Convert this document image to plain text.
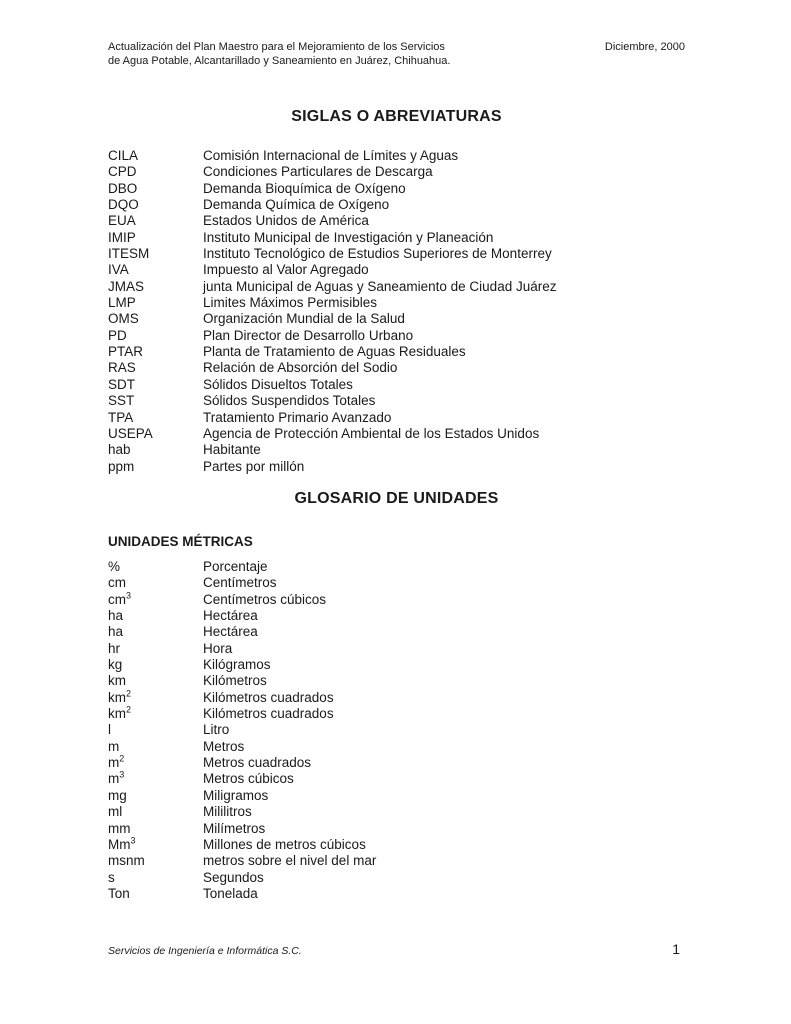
Actualización del Plan Maestro para el Mejoramiento de los Servicios
de Agua Potable, Alcantarillado y Saneamiento en Juárez, Chihuahua.
Diciembre, 2000
SIGLAS O ABREVIATURAS
CILA	Comisión Internacional de Límites y Aguas
CPD	Condiciones Particulares de Descarga
DBO	Demanda Bioquímica de Oxígeno
DQO	Demanda Química de Oxígeno
EUA	Estados Unidos de América
IMIP	Instituto Municipal de Investigación y Planeación
ITESM	Instituto Tecnológico de Estudios Superiores de Monterrey
IVA	Impuesto al Valor Agregado
JMAS	junta Municipal de Aguas y Saneamiento de Ciudad Juárez
LMP	Limites Máximos Permisibles
OMS	Organización Mundial de la Salud
PD	Plan Director de Desarrollo Urbano
PTAR	Planta de Tratamiento de Aguas Residuales
RAS	Relación de Absorción del Sodio
SDT	Sólidos Disueltos Totales
SST	Sólidos Suspendidos Totales
TPA	Tratamiento Primario Avanzado
USEPA	Agencia de Protección Ambiental de los Estados Unidos
hab	Habitante
ppm	Partes por millón
GLOSARIO DE UNIDADES
UNIDADES MÉTRICAS
%	Porcentaje
cm	Centímetros
$cm^3$	Centímetros cúbicos
ha	Hectárea
ha	Hectárea
hr	Hora
kg	Kilógramos
km	Kilómetros
$km^2$	Kilómetros cuadrados
$km^2$	Kilómetros cuadrados
l	Litro
m	Metros
$m^2$	Metros cuadrados
$m^3$	Metros cúbicos
mg	Miligramos
ml	Mililitros
mm	Milímetros
Mm$^3$	Millones de metros cúbicos
msnm	metros sobre el nivel del mar
s	Segundos
Ton	Tonelada
Servicios de Ingeniería e Informática S.C.	1
